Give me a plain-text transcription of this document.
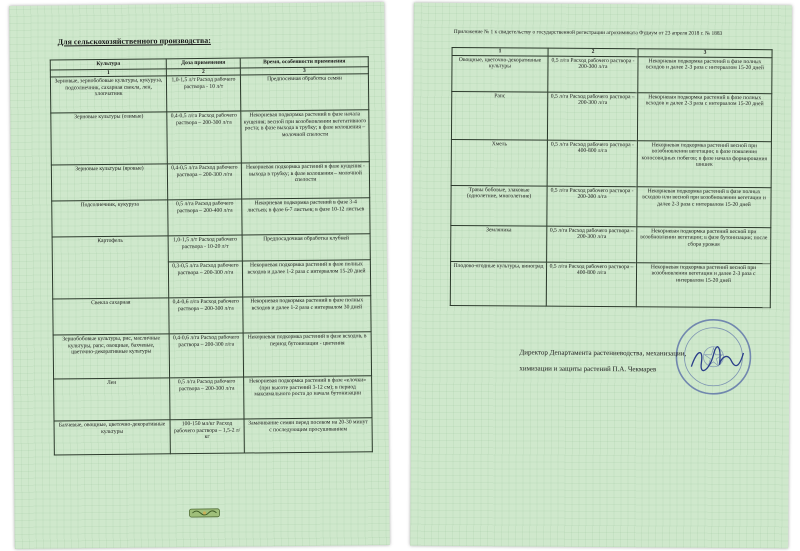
Для сельскохозяйственного производства:
Культура	Доза применения	Время, особенности применения
1	2	3
Зерновые, зернобобовые культуры, кукуруза, подсолнечник, сахарная свекла, лен, хлопчатник	1,0-1,5 л/т Расход рабочего раствора - 10 л/т	Предпосевная обработка семян
Зерновые культуры (озимые)	0,4-0,5 л/га Расход рабочего раствора – 200-300 л/га	Некорневая подкормка растений в фазе начала кущения; весной при возобновлении вегетативного роста; в фазе выхода в трубку; в фазе колошения – молочной спелости
Зерновые культуры (яровые)	0,4-0,5 л/га Расход рабочего раствора – 200-300 л/га	Некорневая подкормка растений в фазе кущения - выхода в трубку; в фазе колошения – молочной спелости
Подсолнечник, кукуруза	0,5 л/га Расход рабочего раствора – 200-400 л/га	Некорневая подкормка растений в фазе 3-4 листьев; в фазе 6-7 листьев; в фазе 10-12 листьев
Картофель	1,0-1,5 л/т Расход рабочего раствора - 10-20 л/т	Предпосадочная обработка клубней
	0,3-0,5 л/га Расход рабочего раствора – 200-300 л/га	Некорневая подкормка растений в фазе полных всходов и далее 1-2 раза с интервалом 15-20 дней
Свекла сахарная	0,4-0,6 л/га Расход рабочего раствора – 200-300 л/га	Некорневая подкормка растений в фазе полных всходов и далее 1-2 раза с интервалом 30 дней
Зернобобовые культуры, рис, масличные культуры, рапс, овощные, бахчевые, цветочно-декоративные культуры	0,4-0,6 л/га Расход рабочего раствора – 200-300 л/га	Некорневая подкормка растений в фазе всходов, в период бутонизации - цветения
Лен	0,5 л/га Расход рабочего раствора – 200-300 л/га	Некорневая подкормка растений в фазе «елочки» (при высоте растений 3-12 см); в период максимального роста до начала бутонизации
Бахчевые, овощные, цветочно-декоративные культуры	100-150 мл/кг Расход рабочего раствора – 1,5-2 л/кг	Замачивание семян перед посевом на 20-30 минут с последующим просушиванием
Приложение № 1 к свидетельству о государственной регистрации агрохимиката Фудиум от 23 апреля 2018 г. № 1883
1	2	3
Овощные, цветочно-декоративные культуры	0,5 л/га Расход рабочего раствора - 200-300 л/га	Некорневая подкормка растений в фазе полных всходов и далее 2-3 раза с интервалом 15-20 дней
Рапс	0,5 л/га Расход рабочего раствора – 200-300 л/га	Некорневая подкормка растений в фазе полных всходов и далее 2-3 раза с интервалом 15-20 дней
Хмель	0,5 л/га Расход рабочего раствора - 400-800 л/га	Некорневая подкормка растений весной при возобновлении вегетации; в фазе появления колосовидных побегов; в фазе начала формирования шишек
Травы бобовые, злаковые (однолетние, многолетние)	0,5 л/га Расход рабочего раствора - 200-300 л/га	Некорневая подкормка растений в фазе полных всходов или весной при возобновлении вегетации и далее 2-3 раза с интервалом 15-20 дней
Земляника	0,5 л/га Расход рабочего раствора – 200-300 л/га	Некорневая подкормка растений весной при возобновлении вегетации; в фазе бутонизации; после сбора урожая
Плодово-ягодные культуры, виноград	0,5 л/га Расход рабочего раствора – 400-800 л/га	Некорневая подкормка растений весной при возобновлении вегетации и далее 2-3 раза с интервалом 15-20 дней
Директор Департамента растениеводства, механизации,
химизации и защиты растений П.А. Чекмарев
